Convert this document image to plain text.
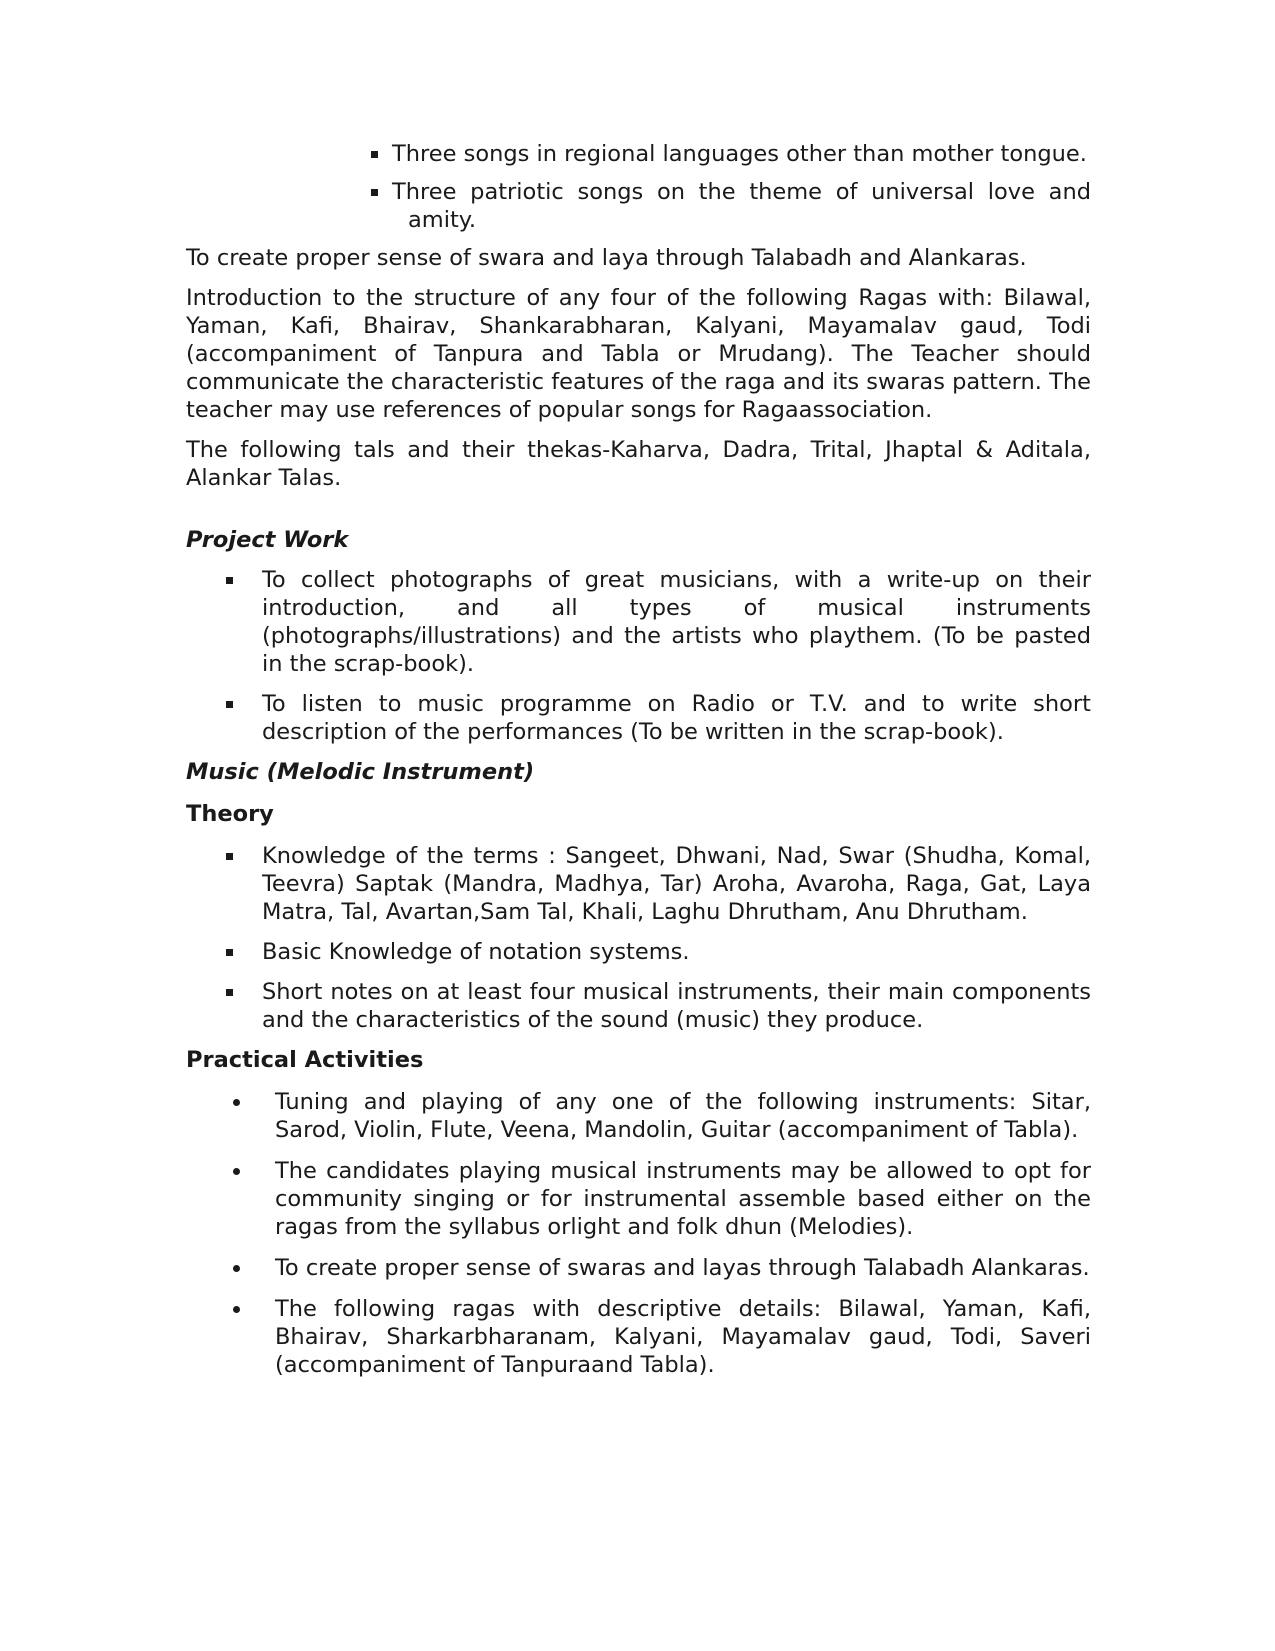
Three songs in regional languages other than mother tongue.
Three patriotic songs on the theme of universal love and
amity.

To create proper sense of swara and laya through Talabadh and Alankaras.

Introduction to the structure of any four of the following Ragas with: Bilawal, Yaman, Kafi, Bhairav, Shankarabharan, Kalyani, Mayamalav gaud, Todi (accompaniment of Tanpura and Tabla or Mrudang). The Teacher should communicate the characteristic features of the raga and its swaras pattern. The teacher may use references of popular songs for Ragaassociation.

The following tals and their thekas-Kaharva, Dadra, Trital, Jhaptal & Aditala, Alankar Talas.

Project Work

To collect photographs of great musicians, with a write-up on their
introduction, and all types of musical instruments
(photographs/illustrations) and the artists who playthem. (To be pasted in the scrap-book).
To listen to music programme on Radio or T.V. and to write short description of the performances (To be written in the scrap-book).

Music (Melodic Instrument)

Theory

Knowledge of the terms : Sangeet, Dhwani, Nad, Swar (Shudha, Komal, Teevra) Saptak (Mandra, Madhya, Tar) Aroha, Avaroha, Raga, Gat, Laya Matra, Tal, Avartan,Sam Tal, Khali, Laghu Dhrutham, Anu Dhrutham.
Basic Knowledge of notation systems.
Short notes on at least four musical instruments, their main components and the characteristics of the sound (music) they produce.

Practical Activities

Tuning and playing of any one of the following instruments: Sitar, Sarod, Violin, Flute, Veena, Mandolin, Guitar (accompaniment of Tabla).
The candidates playing musical instruments may be allowed to opt for community singing or for instrumental assemble based either on the ragas from the syllabus orlight and folk dhun (Melodies).
To create proper sense of swaras and layas through Talabadh Alankaras.
The following ragas with descriptive details: Bilawal, Yaman, Kafi, Bhairav, Sharkarbharanam, Kalyani, Mayamalav gaud, Todi, Saveri (accompaniment of Tanpuraand Tabla).
